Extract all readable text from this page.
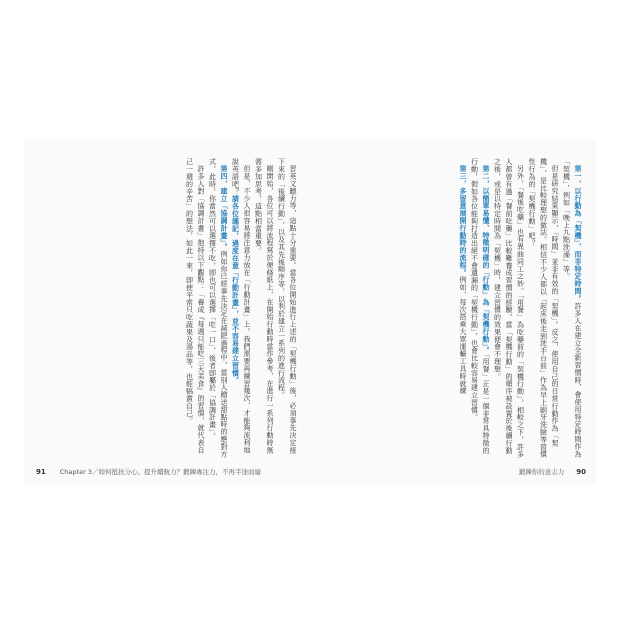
習英文聽力等，這點十分重要。當各位開始進行上述的「契機行動」後，必須事先決定接下來的「後續行動」，以及其先後順序等，以利於建立一系列的進行流程。
剛開始，各位可以將流程寫於便條紙上，在開始行動時當作參考，在進行一系列行動時無需多加思考，這點相當重要。
但是，不少人很容易將注意力放在「行動計畫」上。我們需要再練習幾次，才能夠流利地說英語吧？請各位謹記，過度在意「行動計畫」，並不容易建立習慣。
第四，建立「協調計畫」。例如你已經事先決定在減肥過程中，當別人贈送甜點時的應對方式，此時，你當然可以選擇不吃，卽也可以選擇「吃一口」，後者卽屬於「協調計畫」。
許多人對「協調計畫」抱持以下觀點：「養成『每週只能吃三天美食』的習慣，就代表自己一週的辛苦」的想法，如此一來，卽使平常只吃蔬果及湯品等，也能犒賞自己。
91 Chapter 3／如何抵抗分心、提升續航力？鍛鍊專注力，不再半途而廢
第一，以行動為「契機」，而非特定時間。許多人在建立全新習慣時，會使用特定時間作為「契機」，例如「晚上九點洗澡」等。
但是研究結果顯示，「時間」並非有效的「契機」。反之，使用自己的日常行動作為「契機」，是比較理想的做法。相信不少人都以「起床後走到洗手台前」作為早上刷牙洗臉等習慣性行為的「契機行動」吧？
另外，「餐後吃藥」也有異曲同工之妙。「用餐」為吃藥前的「契機行動」，相較之下，許多人都曾有過「餐前吃藥」比較難養成習慣的經驗。當「契機行動」的順序被設置於後續行動之後，或是以特定時間為「契機」時，建立習慣的效果便會不理想。
第二，以簡單易懂、特徵明確的「行動」為「契機行動」。「用餐」正是一個非常具特徵的行動，假如各位能夠打造出絕不會遺漏的「契機行動」，也會比較容易建立習慣。
第三，多留意展開行動時的流程。例如，每次搭乘大眾運輸工具時就練
鍛鍊你的意志力 90
